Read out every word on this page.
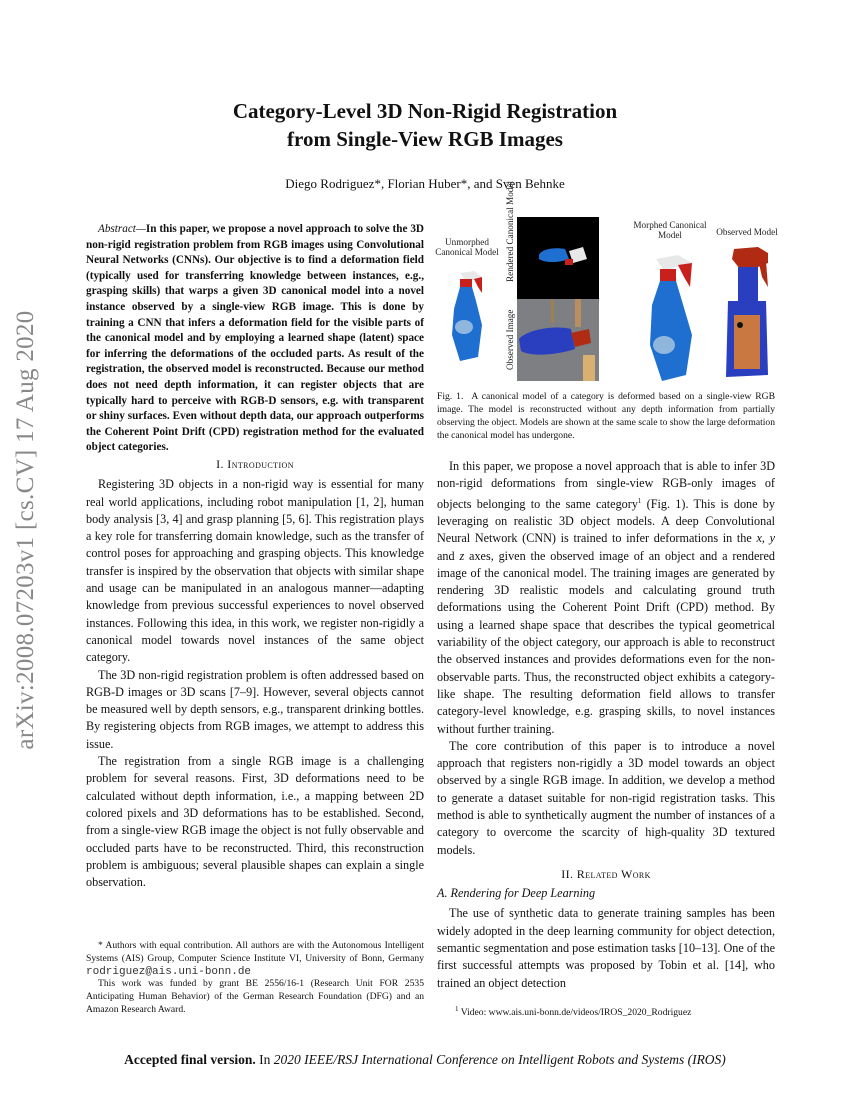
arXiv:2008.07203v1 [cs.CV] 17 Aug 2020
Category-Level 3D Non-Rigid Registration
from Single-View RGB Images
Diego Rodriguez*, Florian Huber*, and Sven Behnke
Abstract—In this paper, we propose a novel approach to solve the 3D non-rigid registration problem from RGB images using Convolutional Neural Networks (CNNs). Our objective is to find a deformation field (typically used for transferring knowledge between instances, e.g., grasping skills) that warps a given 3D canonical model into a novel instance observed by a single-view RGB image. This is done by training a CNN that infers a deformation field for the visible parts of the canonical model and by employing a learned shape (latent) space for inferring the deformations of the occluded parts. As result of the registration, the observed model is reconstructed. Because our method does not need depth information, it can register objects that are typically hard to perceive with RGB-D sensors, e.g. with transparent or shiny surfaces. Even without depth data, our approach outperforms the Coherent Point Drift (CPD) registration method for the evaluated object categories.
I. Introduction

Registering 3D objects in a non-rigid way is essential for many real world applications, including robot manipulation [1, 2], human body analysis [3, 4] and grasp planning [5, 6]. This registration plays a key role for transferring domain knowledge, such as the transfer of control poses for approaching and grasping objects. This knowledge transfer is inspired by the observation that objects with similar shape and usage can be manipulated in an analogous manner—adapting knowledge from previous successful experiences to novel observed instances. Following this idea, in this work, we register non-rigidly a canonical model towards novel instances of the same object category.

The 3D non-rigid registration problem is often addressed based on RGB-D images or 3D scans [7–9]. However, several objects cannot be measured well by depth sensors, e.g., transparent drinking bottles. By registering objects from RGB images, we attempt to address this issue.

The registration from a single RGB image is a challenging problem for several reasons. First, 3D deformations need to be calculated without depth information, i.e., a mapping between 2D colored pixels and 3D deformations has to be established. Second, from a single-view RGB image the object is not fully observable and occluded parts have to be reconstructed. Third, this reconstruction problem is ambiguous; several plausible shapes can explain a single observation.

* Authors with equal contribution. All authors are with the Autonomous Intelligent Systems (AIS) Group, Computer Science Institute VI, University of Bonn, Germany rodriguez@ais.uni-bonn.de

This work was funded by grant BE 2556/16-1 (Research Unit FOR 2535 Anticipating Human Behavior) of the German Research Foundation (DFG) and an Amazon Research Award.

Unmorphed Canonical Model Rendered Canonical Model
Observed Image
Morphed Canonical Model	Observed Model
Fig. 1. A canonical model of a category is deformed based on a single-view RGB image. The model is reconstructed without any depth information from partially observing the object. Models are shown at the same scale to show the large deformation the canonical model has undergone.

In this paper, we propose a novel approach that is able to infer 3D non-rigid deformations from single-view RGB-only images of objects belonging to the same category$^1$ (Fig. 1). This is done by leveraging on realistic 3D object models. A deep Convolutional Neural Network (CNN) is trained to infer deformations in the x, y and z axes, given the observed image of an object and a rendered image of the canonical model. The training images are generated by rendering 3D realistic models and calculating ground truth deformations using the Coherent Point Drift (CPD) method. By using a learned shape space that describes the typical geometrical variability of the object category, our approach is able to reconstruct the observed instances and provides deformations even for the non-observable parts. Thus, the reconstructed object exhibits a category-like shape. The resulting deformation field allows to transfer category-level knowledge, e.g. grasping skills, to novel instances without further training.

The core contribution of this paper is to introduce a novel approach that registers non-rigidly a 3D model towards an object observed by a single RGB image. In addition, we develop a method to generate a dataset suitable for non-rigid registration tasks. This method is able to synthetically augment the number of instances of a category to overcome the scarcity of high-quality 3D textured models.

II. Related Work

A. Rendering for Deep Learning

The use of synthetic data to generate training samples has been widely adopted in the deep learning community for object detection, semantic segmentation and pose estimation tasks [10–13]. One of the first successful attempts was proposed by Tobin et al. [14], who trained an object detection

$^1$ Video: www.ais.uni-bonn.de/videos/IROS_2020_Rodriguez
Accepted final version. In 2020 IEEE/RSJ International Conference on Intelligent Robots and Systems (IROS)
